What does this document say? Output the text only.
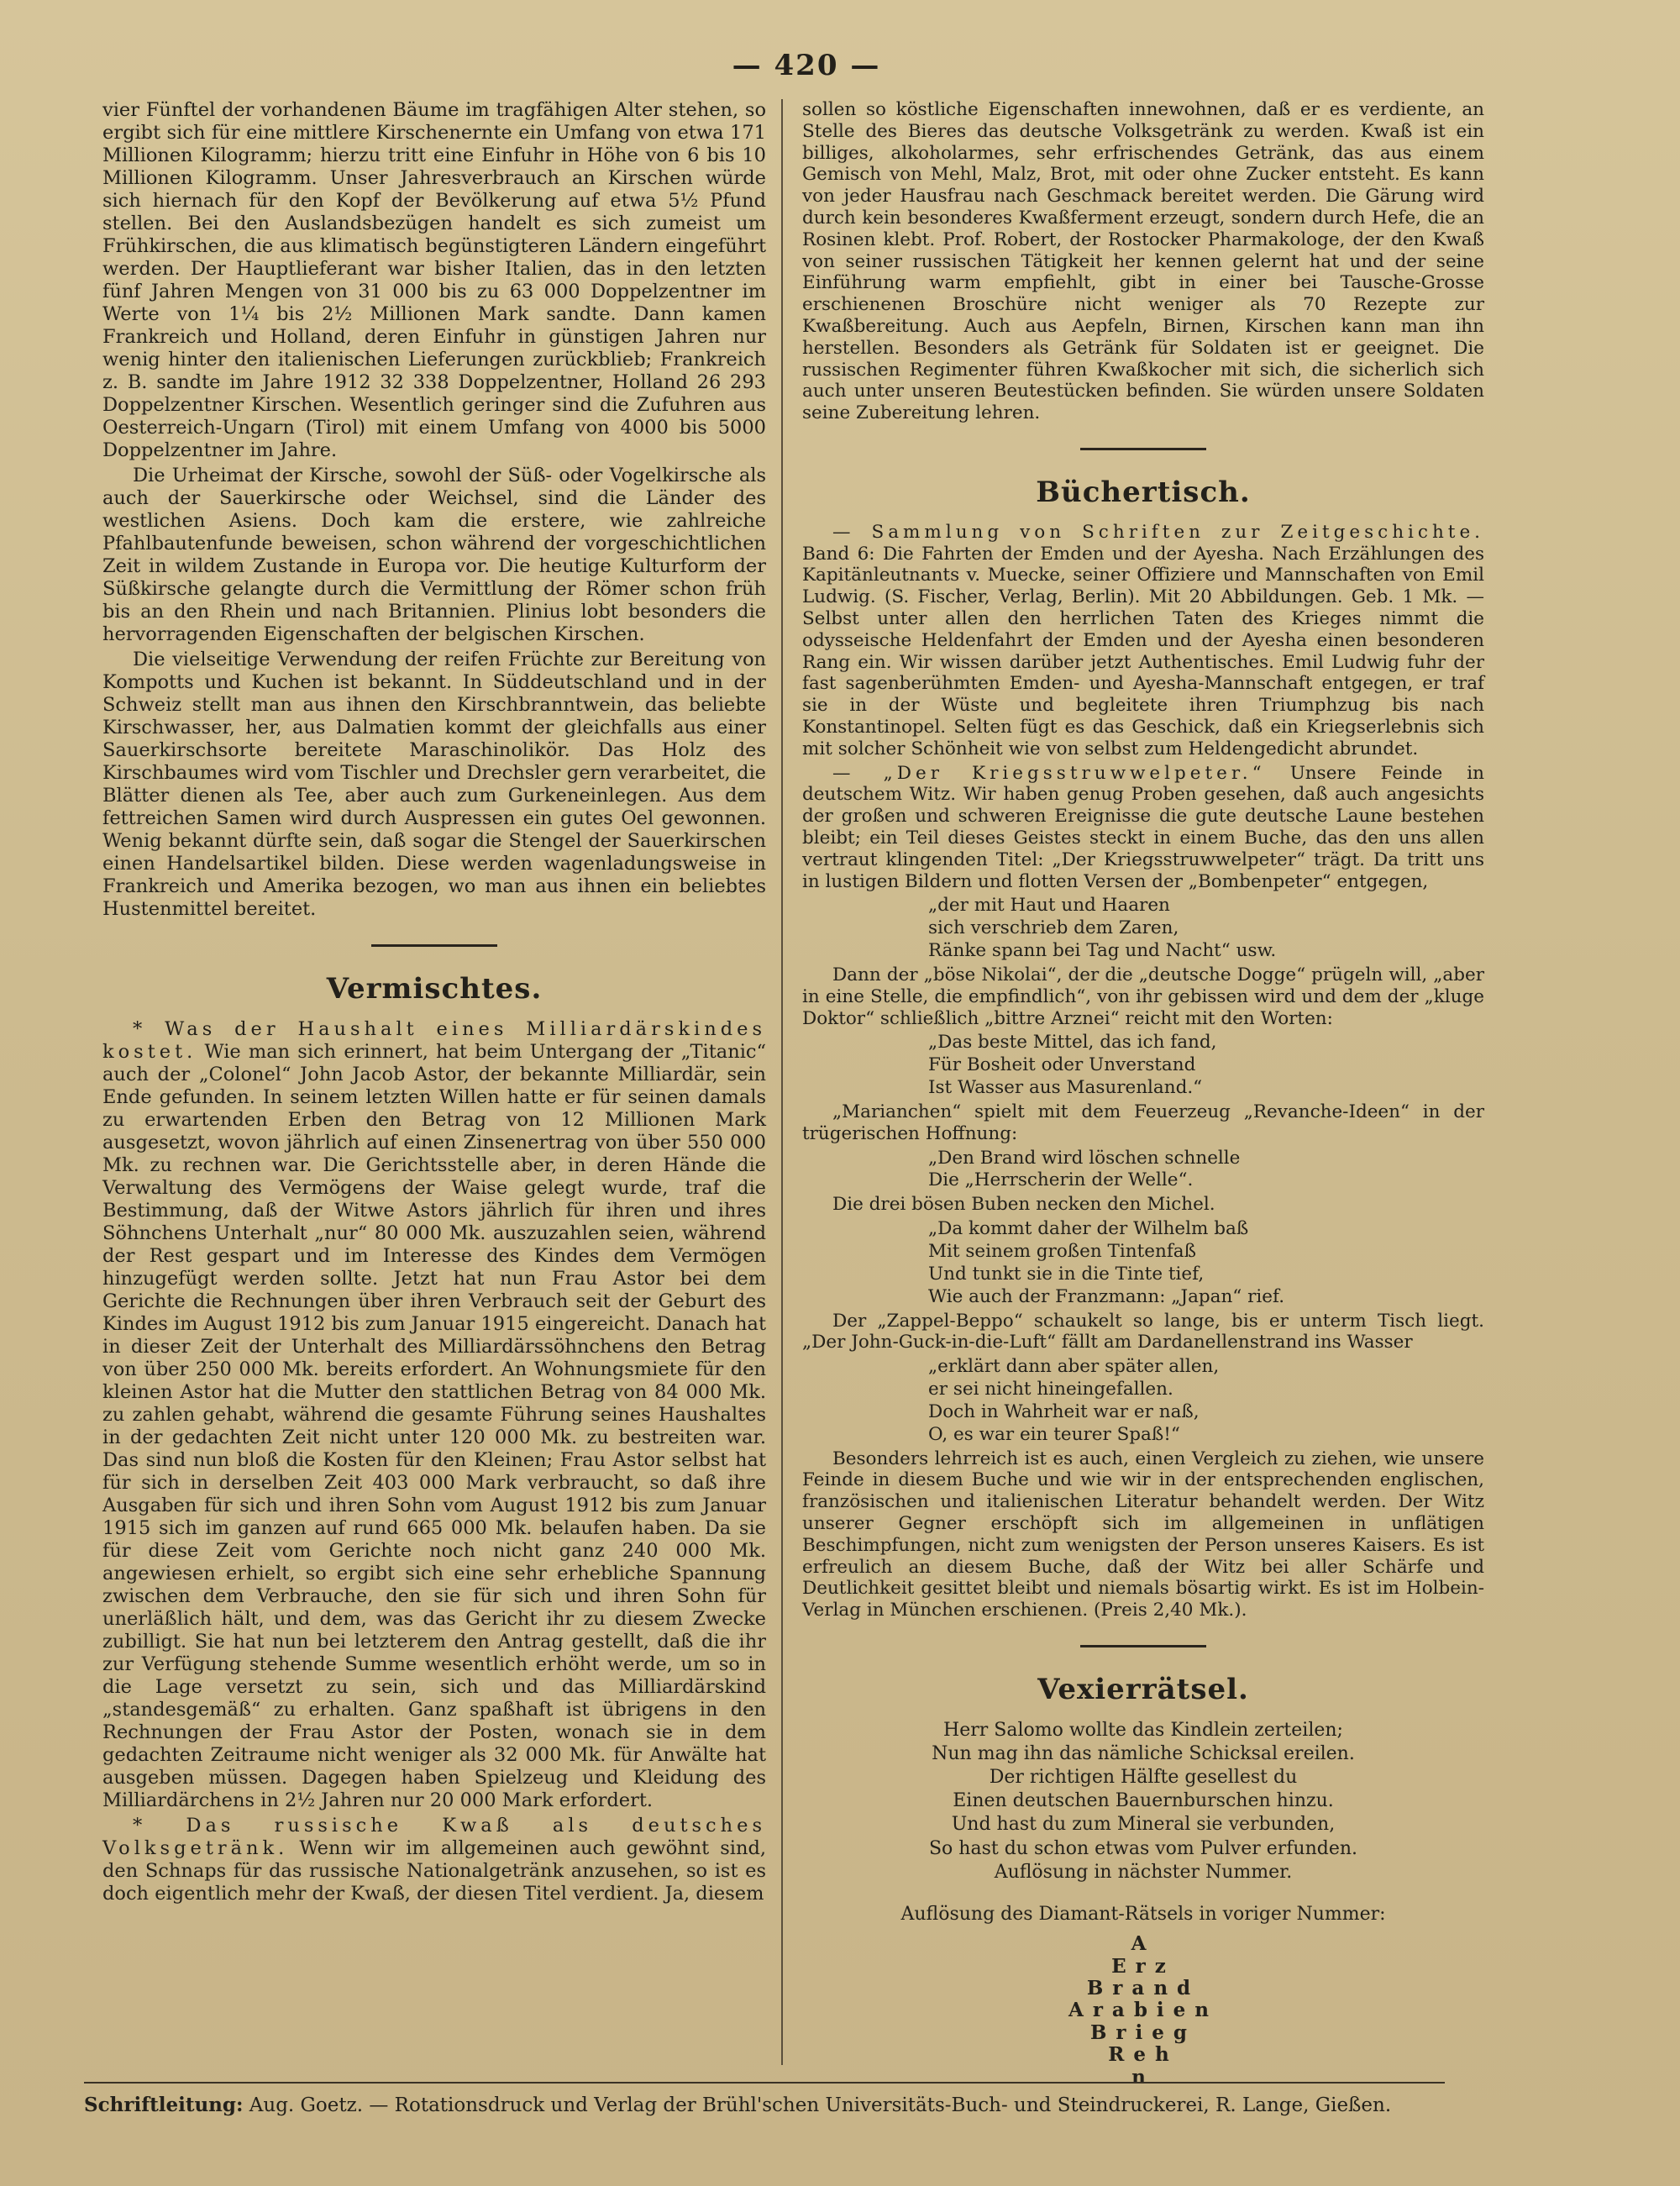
— 420 —

vier Fünftel der vorhandenen Bäume im tragfähigen Alter stehen, so ergibt sich für eine mittlere Kirschenernte ein Umfang von etwa 171 Millionen Kilogramm; hierzu tritt eine Einfuhr in Höhe von 6 bis 10 Millionen Kilogramm. Unser Jahresverbrauch an Kirschen würde sich hiernach für den Kopf der Bevölkerung auf etwa 5½ Pfund stellen. Bei den Auslandsbezügen handelt es sich zumeist um Frühkirschen, die aus klimatisch begünstigteren Ländern eingeführt werden. Der Hauptlieferant war bisher Italien, das in den letzten fünf Jahren Mengen von 31 000 bis zu 63 000 Doppelzentner im Werte von 1¼ bis 2½ Millionen Mark sandte. Dann kamen Frankreich und Holland, deren Einfuhr in günstigen Jahren nur wenig hinter den italienischen Lieferungen zurückblieb; Frankreich z. B. sandte im Jahre 1912 32 338 Doppelzentner, Holland 26 293 Doppelzentner Kirschen. Wesentlich geringer sind die Zufuhren aus Oesterreich-Ungarn (Tirol) mit einem Umfang von 4000 bis 5000 Doppelzentner im Jahre.

Die Urheimat der Kirsche, sowohl der Süß- oder Vogelkirsche als auch der Sauerkirsche oder Weichsel, sind die Länder des westlichen Asiens. Doch kam die erstere, wie zahlreiche Pfahlbautenfunde beweisen, schon während der vorgeschichtlichen Zeit in wildem Zustande in Europa vor. Die heutige Kulturform der Süßkirsche gelangte durch die Vermittlung der Römer schon früh bis an den Rhein und nach Britannien. Plinius lobt besonders die hervorragenden Eigenschaften der belgischen Kirschen.

Die vielseitige Verwendung der reifen Früchte zur Bereitung von Kompotts und Kuchen ist bekannt. In Süddeutschland und in der Schweiz stellt man aus ihnen den Kirschbranntwein, das beliebte Kirschwasser, her, aus Dalmatien kommt der gleichfalls aus einer Sauerkirschsorte bereitete Maraschinolikör. Das Holz des Kirschbaumes wird vom Tischler und Drechsler gern verarbeitet, die Blätter dienen als Tee, aber auch zum Gurkeneinlegen. Aus dem fettreichen Samen wird durch Auspressen ein gutes Oel gewonnen. Wenig bekannt dürfte sein, daß sogar die Stengel der Sauerkirschen einen Handelsartikel bilden. Diese werden wagenladungsweise in Frankreich und Amerika bezogen, wo man aus ihnen ein beliebtes Hustenmittel bereitet.

Vermischtes.

* Was der Haushalt eines Milliardärskindes kostet. Wie man sich erinnert, hat beim Untergang der „Titanic“ auch der „Colonel“ John Jacob Astor, der bekannte Milliardär, sein Ende gefunden. In seinem letzten Willen hatte er für seinen damals zu erwartenden Erben den Betrag von 12 Millionen Mark ausgesetzt, wovon jährlich auf einen Zinsenertrag von über 550 000 Mk. zu rechnen war. Die Gerichtsstelle aber, in deren Hände die Verwaltung des Vermögens der Waise gelegt wurde, traf die Bestimmung, daß der Witwe Astors jährlich für ihren und ihres Söhnchens Unterhalt „nur“ 80 000 Mk. auszuzahlen seien, während der Rest gespart und im Interesse des Kindes dem Vermögen hinzugefügt werden sollte. Jetzt hat nun Frau Astor bei dem Gerichte die Rechnungen über ihren Verbrauch seit der Geburt des Kindes im August 1912 bis zum Januar 1915 eingereicht. Danach hat in dieser Zeit der Unterhalt des Milliardärssöhnchens den Betrag von über 250 000 Mk. bereits erfordert. An Wohnungsmiete für den kleinen Astor hat die Mutter den stattlichen Betrag von 84 000 Mk. zu zahlen gehabt, während die gesamte Führung seines Haushaltes in der gedachten Zeit nicht unter 120 000 Mk. zu bestreiten war. Das sind nun bloß die Kosten für den Kleinen; Frau Astor selbst hat für sich in derselben Zeit 403 000 Mark verbraucht, so daß ihre Ausgaben für sich und ihren Sohn vom August 1912 bis zum Januar 1915 sich im ganzen auf rund 665 000 Mk. belaufen haben. Da sie für diese Zeit vom Gerichte noch nicht ganz 240 000 Mk. angewiesen erhielt, so ergibt sich eine sehr erhebliche Spannung zwischen dem Verbrauche, den sie für sich und ihren Sohn für unerläßlich hält, und dem, was das Gericht ihr zu diesem Zwecke zubilligt. Sie hat nun bei letzterem den Antrag gestellt, daß die ihr zur Verfügung stehende Summe wesentlich erhöht werde, um so in die Lage versetzt zu sein, sich und das Milliardärskind „standesgemäß“ zu erhalten. Ganz spaßhaft ist übrigens in den Rechnungen der Frau Astor der Posten, wonach sie in dem gedachten Zeitraume nicht weniger als 32 000 Mk. für Anwälte hat ausgeben müssen. Dagegen haben Spielzeug und Kleidung des Milliardärchens in 2½ Jahren nur 20 000 Mark erfordert.

* Das russische Kwaß als deutsches Volksgetränk. Wenn wir im allgemeinen auch gewöhnt sind, den Schnaps für das russische Nationalgetränk anzusehen, so ist es doch eigentlich mehr der Kwaß, der diesen Titel verdient. Ja, diesem

sollen so köstliche Eigenschaften innewohnen, daß er es verdiente, an Stelle des Bieres das deutsche Volksgetränk zu werden. Kwaß ist ein billiges, alkoholarmes, sehr erfrischendes Getränk, das aus einem Gemisch von Mehl, Malz, Brot, mit oder ohne Zucker entsteht. Es kann von jeder Hausfrau nach Geschmack bereitet werden. Die Gärung wird durch kein besonderes Kwaßferment erzeugt, sondern durch Hefe, die an Rosinen klebt. Prof. Robert, der Rostocker Pharmakologe, der den Kwaß von seiner russischen Tätigkeit her kennen gelernt hat und der seine Einführung warm empfiehlt, gibt in einer bei Tausche-Grosse erschienenen Broschüre nicht weniger als 70 Rezepte zur Kwaßbereitung. Auch aus Aepfeln, Birnen, Kirschen kann man ihn herstellen. Besonders als Getränk für Soldaten ist er geeignet. Die russischen Regimenter führen Kwaßkocher mit sich, die sicherlich sich auch unter unseren Beutestücken befinden. Sie würden unsere Soldaten seine Zubereitung lehren.

Büchertisch.

— Sammlung von Schriften zur Zeitgeschichte. Band 6: Die Fahrten der Emden und der Ayesha. Nach Erzählungen des Kapitänleutnants v. Muecke, seiner Offiziere und Mannschaften von Emil Ludwig. (S. Fischer, Verlag, Berlin). Mit 20 Abbildungen. Geb. 1 Mk. — Selbst unter allen den herrlichen Taten des Krieges nimmt die odysseische Heldenfahrt der Emden und der Ayesha einen besonderen Rang ein. Wir wissen darüber jetzt Authentisches. Emil Ludwig fuhr der fast sagenberühmten Emden- und Ayesha-Mannschaft entgegen, er traf sie in der Wüste und begleitete ihren Triumphzug bis nach Konstantinopel. Selten fügt es das Geschick, daß ein Kriegserlebnis sich mit solcher Schönheit wie von selbst zum Heldengedicht abrundet.

— „Der Kriegsstruwwelpeter.“ Unsere Feinde in deutschem Witz. Wir haben genug Proben gesehen, daß auch angesichts der großen und schweren Ereignisse die gute deutsche Laune bestehen bleibt; ein Teil dieses Geistes steckt in einem Buche, das den uns allen vertraut klingenden Titel: „Der Kriegsstruwwelpeter“ trägt. Da tritt uns in lustigen Bildern und flotten Versen der „Bombenpeter“ entgegen,

„der mit Haut und Haaren
sich verschrieb dem Zaren,
Ränke spann bei Tag und Nacht“ usw.

Dann der „böse Nikolai“, der die „deutsche Dogge“ prügeln will, „aber in eine Stelle, die empfindlich“, von ihr gebissen wird und dem der „kluge Doktor“ schließlich „bittre Arznei“ reicht mit den Worten:

„Das beste Mittel, das ich fand,
Für Bosheit oder Unverstand
Ist Wasser aus Masurenland.“

„Marianchen“ spielt mit dem Feuerzeug „Revanche-Ideen“ in der trügerischen Hoffnung:

„Den Brand wird löschen schnelle
Die „Herrscherin der Welle“.

Die drei bösen Buben necken den Michel.

„Da kommt daher der Wilhelm baß
Mit seinem großen Tintenfaß
Und tunkt sie in die Tinte tief,
Wie auch der Franzmann: „Japan“ rief.

Der „Zappel-Beppo“ schaukelt so lange, bis er unterm Tisch liegt. „Der John-Guck-in-die-Luft“ fällt am Dardanellenstrand ins Wasser

„erklärt dann aber später allen,
er sei nicht hineingefallen.
Doch in Wahrheit war er naß,
O, es war ein teurer Spaß!“

Besonders lehrreich ist es auch, einen Vergleich zu ziehen, wie unsere Feinde in diesem Buche und wie wir in der entsprechenden englischen, französischen und italienischen Literatur behandelt werden. Der Witz unserer Gegner erschöpft sich im allgemeinen in unflätigen Beschimpfungen, nicht zum wenigsten der Person unseres Kaisers. Es ist erfreulich an diesem Buche, daß der Witz bei aller Schärfe und Deutlichkeit gesittet bleibt und niemals bösartig wirkt. Es ist im Holbein-Verlag in München erschienen. (Preis 2,40 Mk.).

Vexierrätsel.
Herr Salomo wollte das Kindlein zerteilen;
Nun mag ihn das nämliche Schicksal ereilen.
Der richtigen Hälfte gesellest du
Einen deutschen Bauernburschen hinzu.
Und hast du zum Mineral sie verbunden,
So hast du schon etwas vom Pulver erfunden.
Auflösung in nächster Nummer.
Auflösung des Diamant-Rätsels in voriger Nummer:
A
Erz
Brand
Arabien
Brieg
Reh
n
Schriftleitung: Aug. Goetz. — Rotationsdruck und Verlag der Brühl'schen Universitäts-Buch- und Steindruckerei, R. Lange, Gießen.
